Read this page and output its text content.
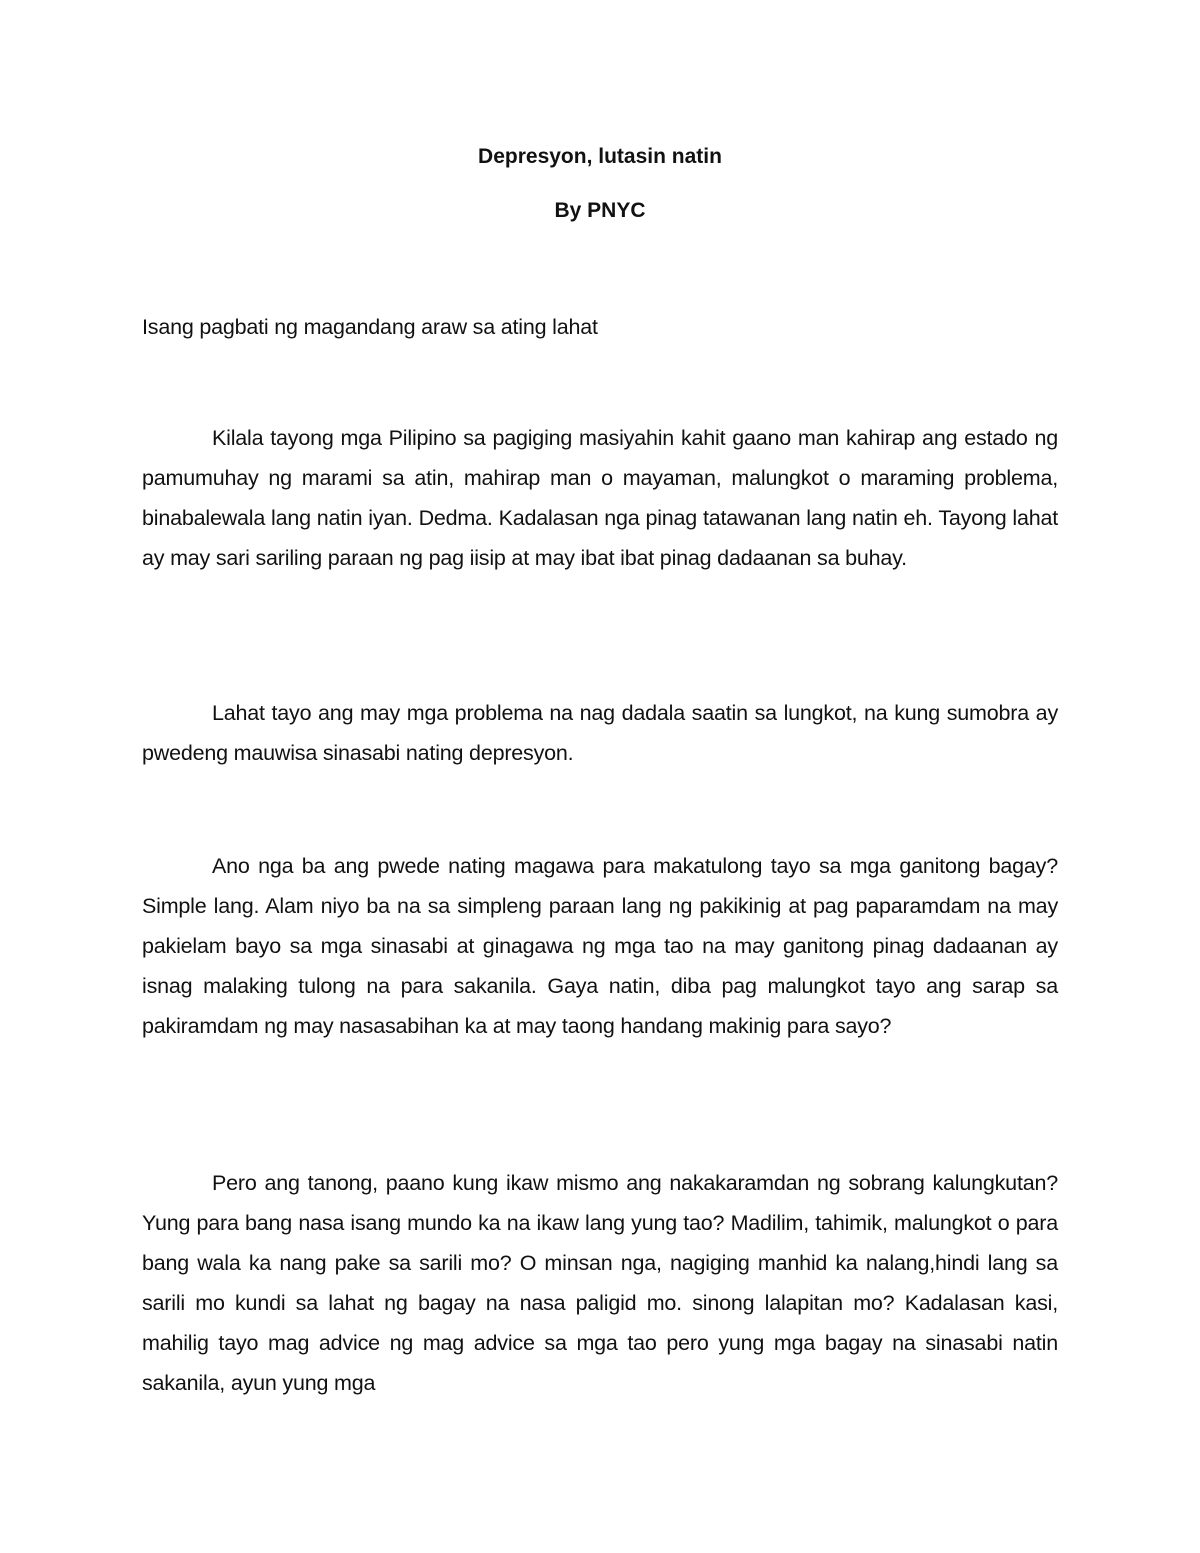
Depresyon, lutasin natin
By PNYC

Isang pagbati ng magandang araw sa ating lahat

Kilala tayong mga Pilipino sa pagiging masiyahin kahit gaano man kahirap ang estado ng pamumuhay ng marami sa atin, mahirap man o mayaman, malungkot o maraming problema, binabalewala lang natin iyan. Dedma. Kadalasan nga pinag tatawanan lang natin eh. Tayong lahat ay may sari sariling paraan ng pag iisip at may ibat ibat pinag dadaanan sa buhay.

Lahat tayo ang may mga problema na nag dadala saatin sa lungkot, na kung sumobra ay pwedeng mauwisa sinasabi nating depresyon.

Ano nga ba ang pwede nating magawa para makatulong tayo sa mga ganitong bagay? Simple lang. Alam niyo ba na sa simpleng paraan lang ng pakikinig at pag paparamdam na may pakielam bayo sa mga sinasabi at ginagawa ng mga tao na may ganitong pinag dadaanan ay isnag malaking tulong na para sakanila. Gaya natin, diba pag malungkot tayo ang sarap sa pakiramdam ng may nasasabihan ka at may taong handang makinig para sayo?

Pero ang tanong, paano kung ikaw mismo ang nakakaramdan ng sobrang kalungkutan? Yung para bang nasa isang mundo ka na ikaw lang yung tao? Madilim, tahimik, malungkot o para bang wala ka nang pake sa sarili mo? O minsan nga, nagiging manhid ka nalang,hindi lang sa sarili mo kundi sa lahat ng bagay na nasa paligid mo. sinong lalapitan mo? Kadalasan kasi, mahilig tayo mag advice ng mag advice sa mga tao pero yung mga bagay na sinasabi natin sakanila, ayun yung mga
